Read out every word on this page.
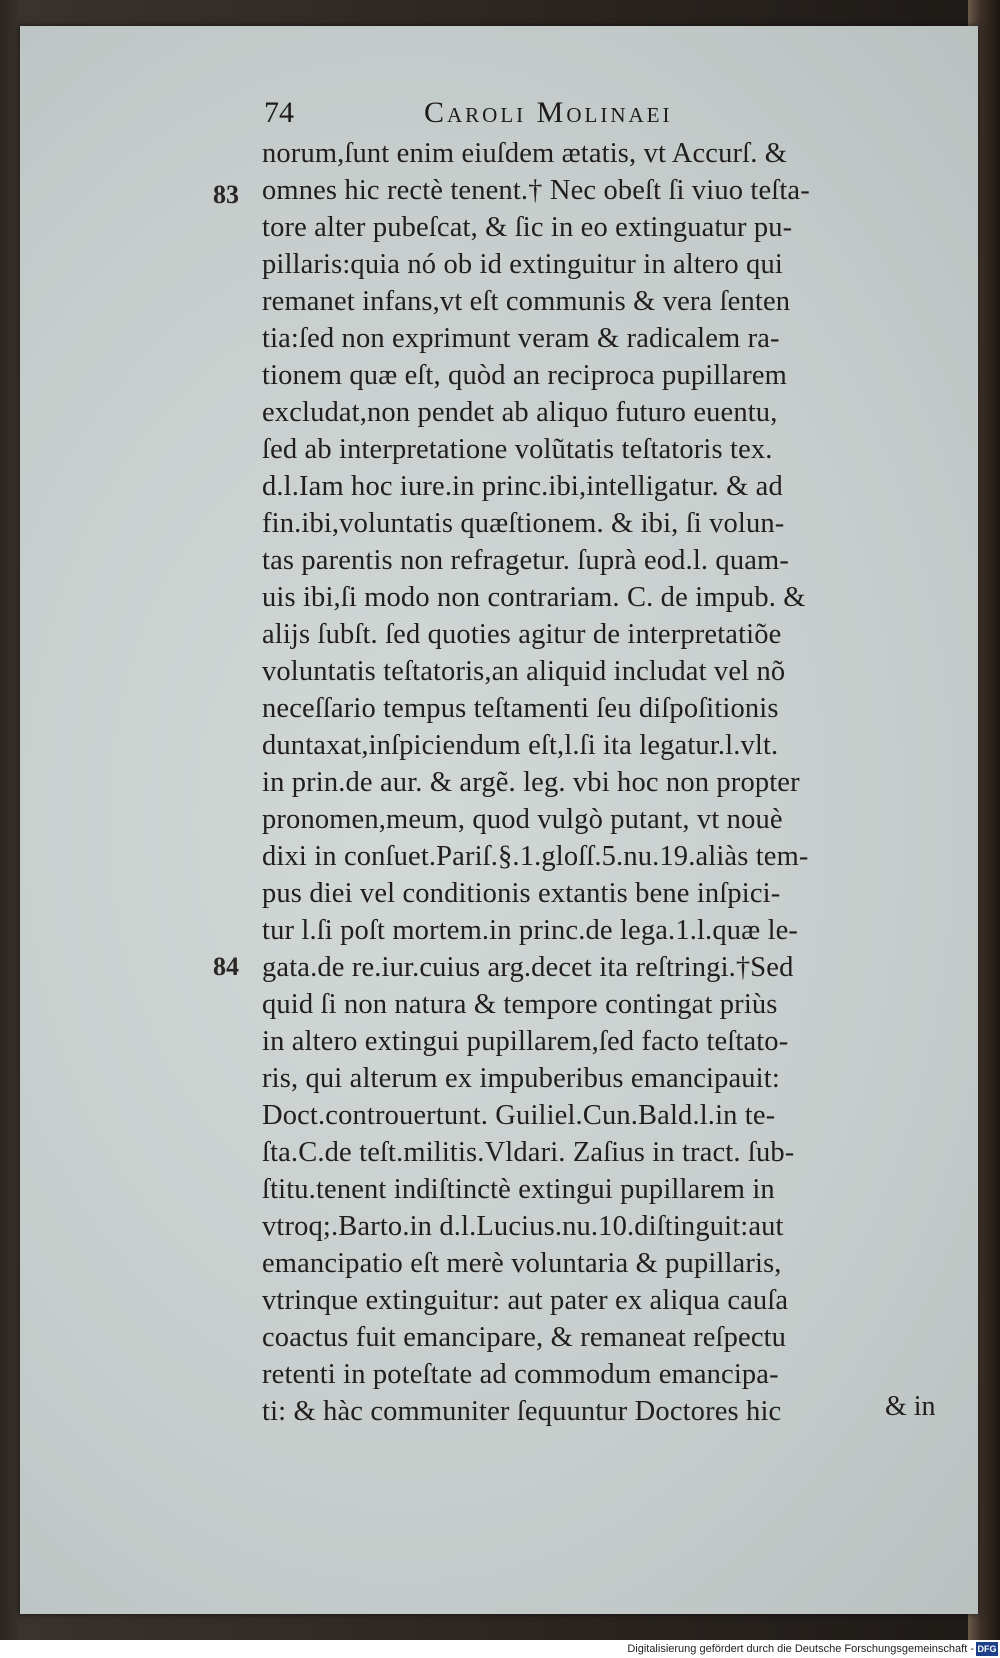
74	Caroli Molinaei
83
84
norum,ſunt enim eiuſdem ætatis, vt Accurſ. &
omnes hic rectè tenent.† Nec obeſt ſi viuo teſta-
tore alter pubeſcat, & ſic in eo extinguatur pu-
pillaris:quia nó ob id extinguitur in altero qui
remanet infans,vt eſt communis & vera ſenten
tia:ſed non exprimunt veram & radicalem ra-
tionem quæ eſt, quòd an reciproca pupillarem
excludat,non pendet ab aliquo futuro euentu,
ſed ab interpretatione volũtatis teſtatoris tex.
d.l.Iam hoc iure.in princ.ibi,intelligatur. & ad
fin.ibi,voluntatis quæſtionem. & ibi, ſi volun-
tas parentis non refragetur. ſuprà eod.l. quam-
uis ibi,ſi modo non contrariam. C. de impub. &
alijs ſubſt. ſed quoties agitur de interpretatiõe
voluntatis teſtatoris,an aliquid includat vel nõ
neceſſario tempus teſtamenti ſeu diſpoſitionis
duntaxat,inſpiciendum eſt,l.ſi ita legatur.l.vlt.
in prin.de aur. & argẽ. leg. vbi hoc non propter
pronomen,meum, quod vulgò putant, vt nouè
dixi in conſuet.Pariſ.§.1.gloſſ.5.nu.19.aliàs tem-
pus diei vel conditionis extantis bene inſpici-
tur l.ſi poſt mortem.in princ.de lega.1.l.quæ le-
gata.de re.iur.cuius arg.decet ita reſtringi.†Sed
quid ſi non natura & tempore contingat priùs
in altero extingui pupillarem,ſed facto teſtato-
ris, qui alterum ex impuberibus emancipauit:
Doct.controuertunt. Guiliel.Cun.Bald.l.in te-
ſta.C.de teſt.militis.Vldari. Zaſius in tract. ſub-
ſtitu.tenent indiſtinctè extingui pupillarem in
vtroq;.Barto.in d.l.Lucius.nu.10.diſtinguit:aut
emancipatio eſt merè voluntaria & pupillaris,
vtrinque extinguitur: aut pater ex aliqua cauſa
coactus fuit emancipare, & remaneat reſpectu
retenti in poteſtate ad commodum emancipa-
ti: & hàc communiter ſequuntur Doctores hic	& in
Digitalisierung gefördert durch die Deutsche Forschungsgemeinschaft - DFG
